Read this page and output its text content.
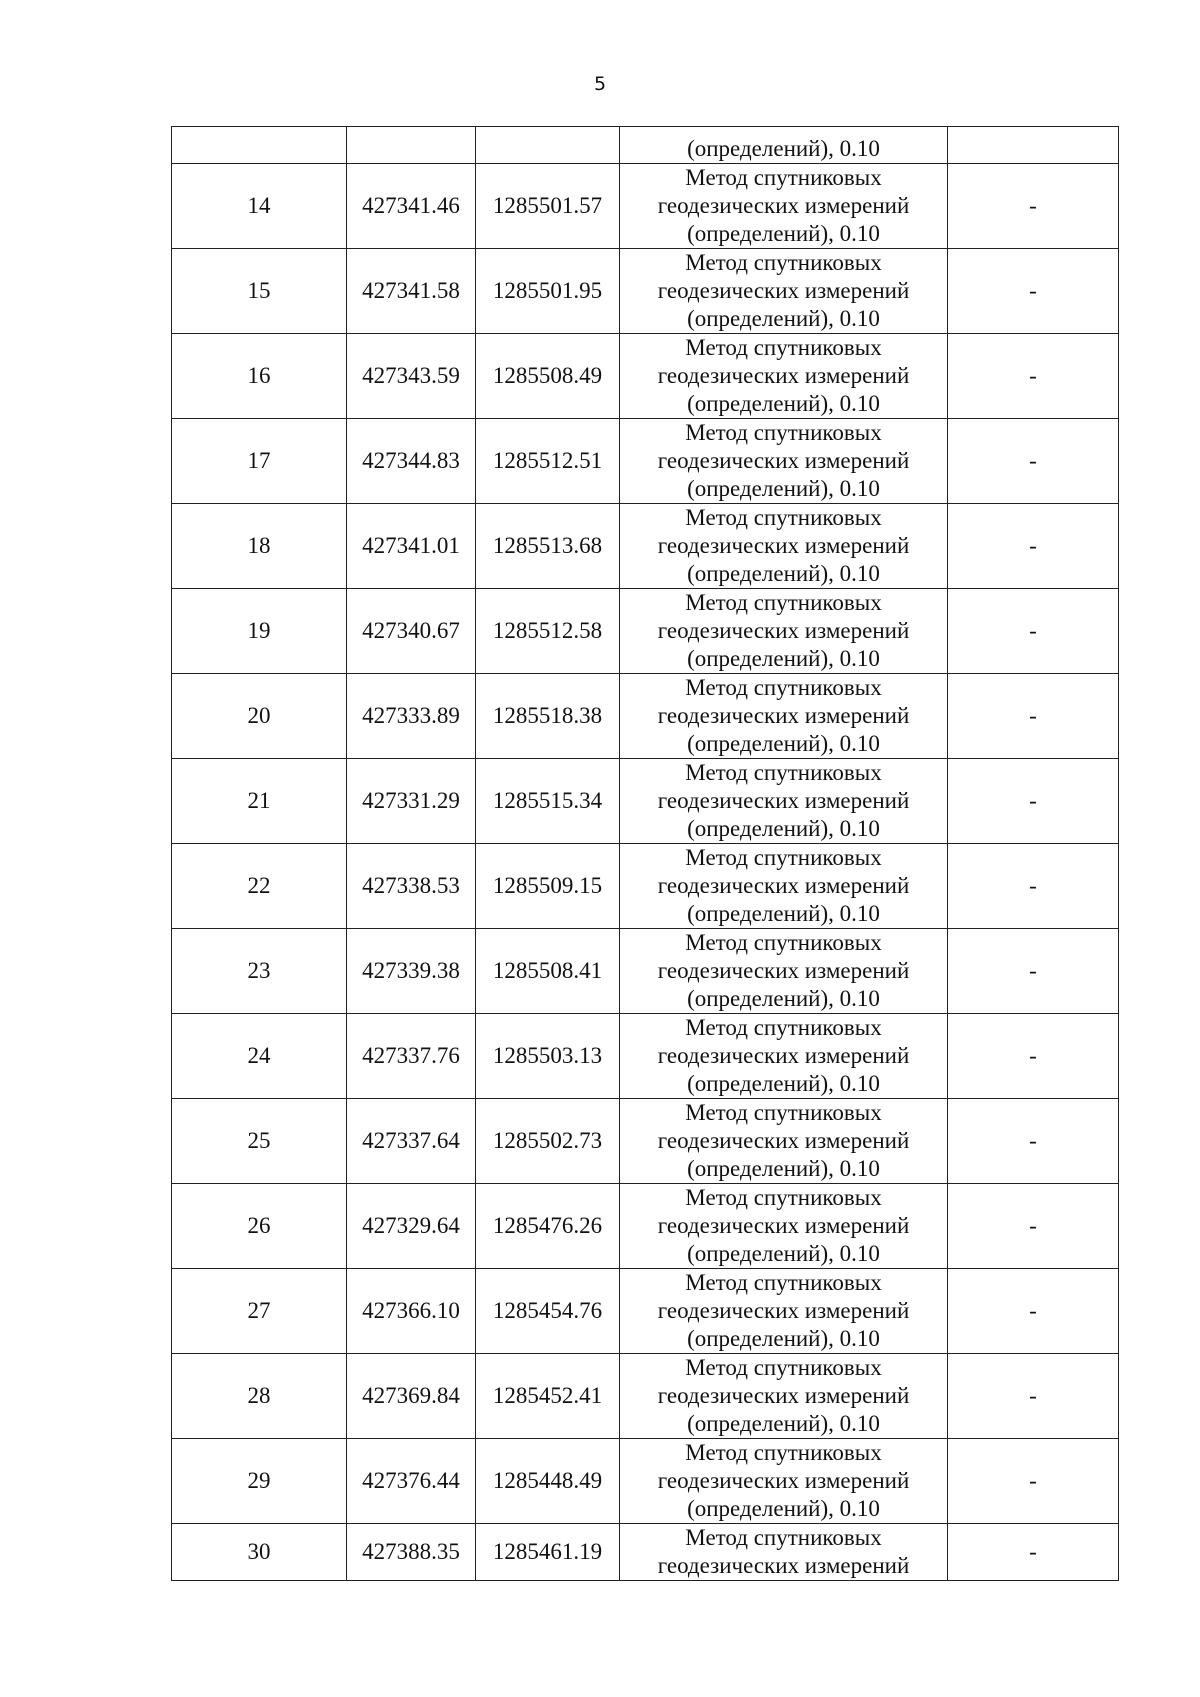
5

			(определений), 0.10	

14	427341.46	1285501.57	Метод спутниковых
геодезических измерений
(определений), 0.10	-
15	427341.58	1285501.95	Метод спутниковых
геодезических измерений
(определений), 0.10	-
16	427343.59	1285508.49	Метод спутниковых
геодезических измерений
(определений), 0.10	-
17	427344.83	1285512.51	Метод спутниковых
геодезических измерений
(определений), 0.10	-
18	427341.01	1285513.68	Метод спутниковых
геодезических измерений
(определений), 0.10	-
19	427340.67	1285512.58	Метод спутниковых
геодезических измерений
(определений), 0.10	-
20	427333.89	1285518.38	Метод спутниковых
геодезических измерений
(определений), 0.10	-
21	427331.29	1285515.34	Метод спутниковых
геодезических измерений
(определений), 0.10	-
22	427338.53	1285509.15	Метод спутниковых
геодезических измерений
(определений), 0.10	-
23	427339.38	1285508.41	Метод спутниковых
геодезических измерений
(определений), 0.10	-
24	427337.76	1285503.13	Метод спутниковых
геодезических измерений
(определений), 0.10	-
25	427337.64	1285502.73	Метод спутниковых
геодезических измерений
(определений), 0.10	-
26	427329.64	1285476.26	Метод спутниковых
геодезических измерений
(определений), 0.10	-
27	427366.10	1285454.76	Метод спутниковых
геодезических измерений
(определений), 0.10	-
28	427369.84	1285452.41	Метод спутниковых
геодезических измерений
(определений), 0.10	-
29	427376.44	1285448.49	Метод спутниковых
геодезических измерений
(определений), 0.10	-
30	427388.35	1285461.19	Метод спутниковых
геодезических измерений	-
